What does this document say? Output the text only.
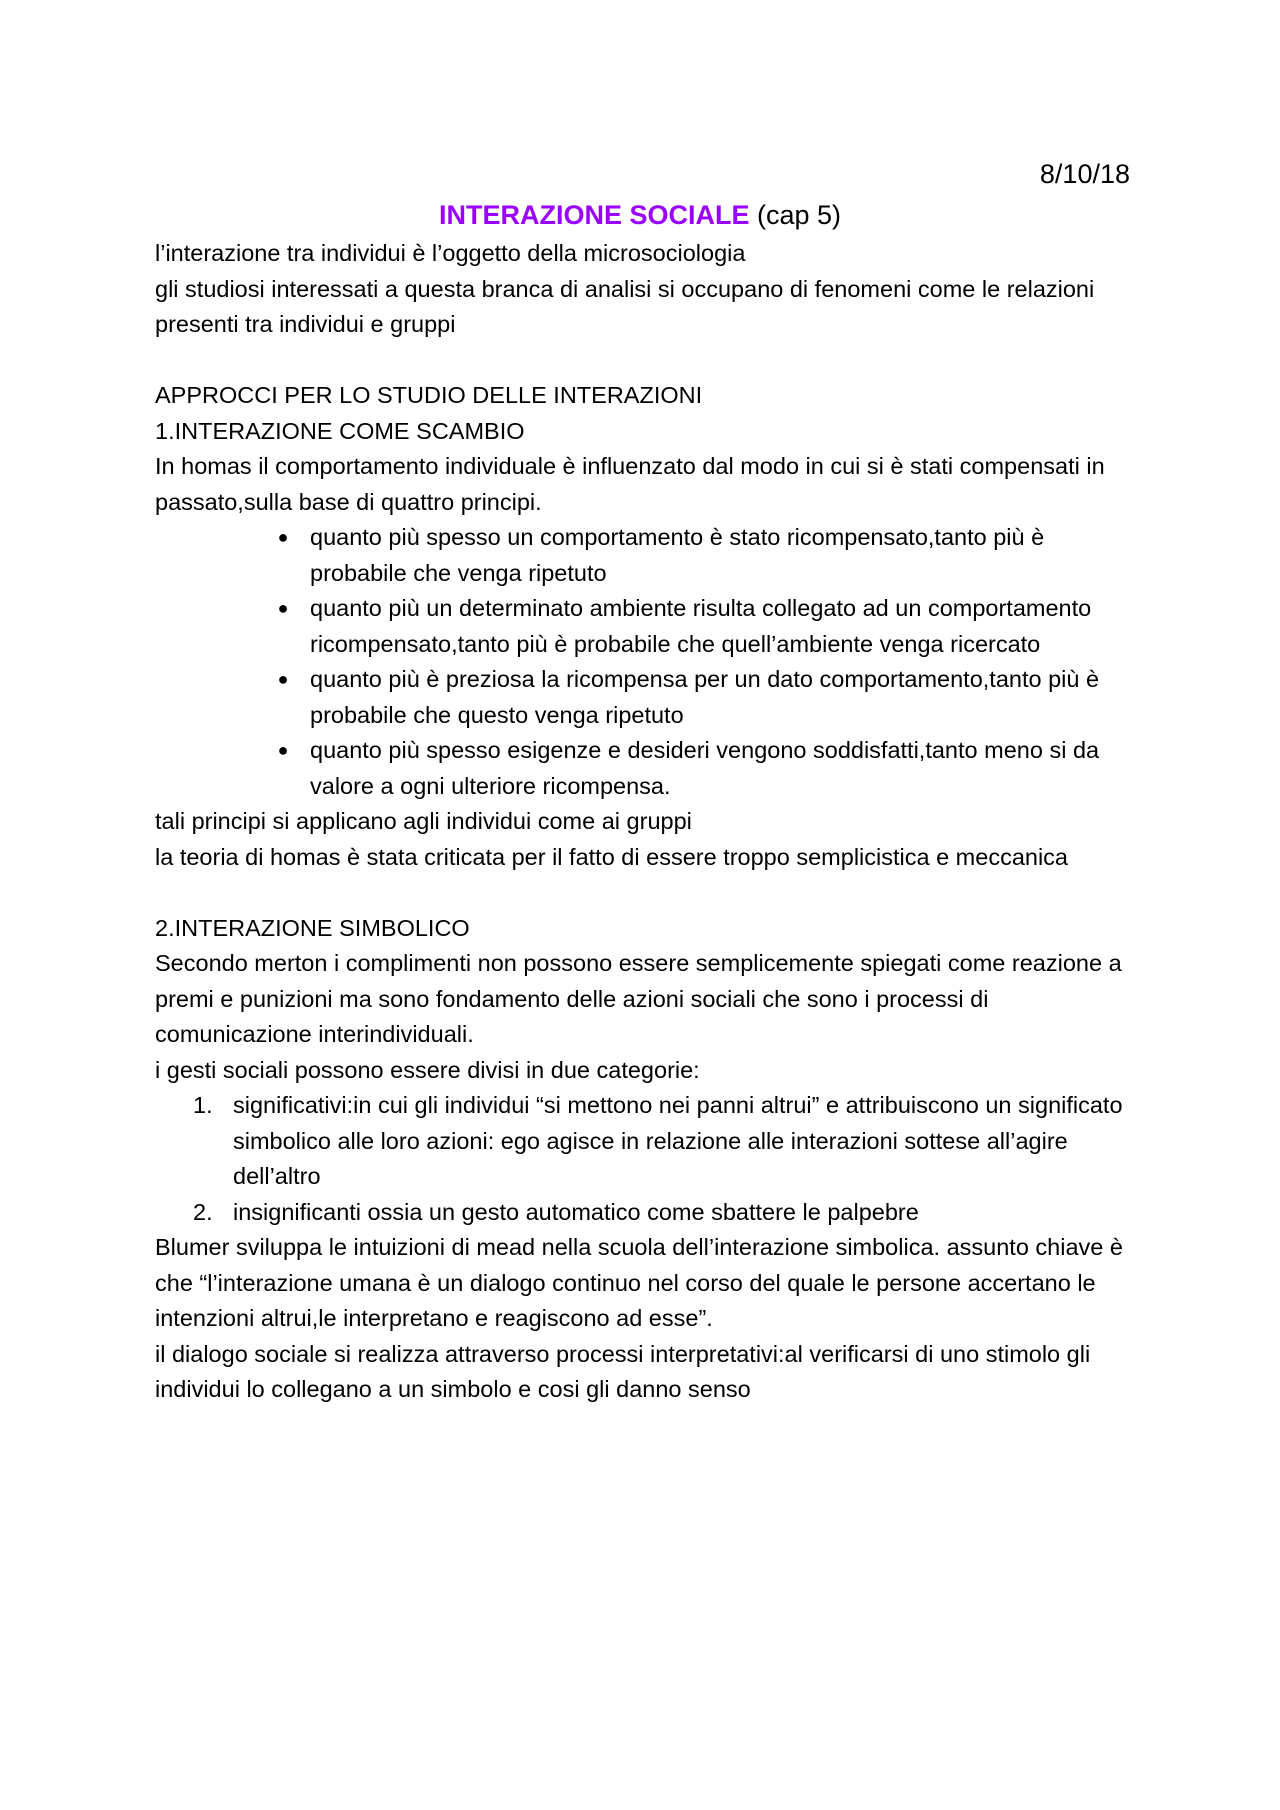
8/10/18

INTERAZIONE SOCIALE (cap 5)

l’interazione tra individui è l’oggetto della microsociologia

gli studiosi interessati a questa branca di analisi si occupano di fenomeni come le relazioni presenti tra individui e gruppi

APPROCCI PER LO STUDIO DELLE INTERAZIONI

1.INTERAZIONE COME SCAMBIO

In homas il comportamento individuale è influenzato dal modo in cui si è stati compensati in passato,sulla base di quattro principi.

● quanto più spesso un comportamento è stato ricompensato,tanto più è probabile che venga ripetuto
● quanto più un determinato ambiente risulta collegato ad un comportamento ricompensato,tanto più è probabile che quell’ambiente venga ricercato
● quanto più è preziosa la ricompensa per un dato comportamento,tanto più è probabile che questo venga ripetuto
● quanto più spesso esigenze e desideri vengono soddisfatti,tanto meno si da valore a ogni ulteriore ricompensa.

tali principi si applicano agli individui come ai gruppi

la teoria di homas è stata criticata per il fatto di essere troppo semplicistica e meccanica

2.INTERAZIONE SIMBOLICO

Secondo merton i complimenti non possono essere semplicemente spiegati come reazione a premi e punizioni ma sono fondamento delle azioni sociali che sono i processi di comunicazione interindividuali.

i gesti sociali possono essere divisi in due categorie:

1. significativi:in cui gli individui “si mettono nei panni altrui” e attribuiscono un significato simbolico alle loro azioni: ego agisce in relazione alle interazioni sottese all’agire dell’altro
2. insignificanti ossia un gesto automatico come sbattere le palpebre

Blumer sviluppa le intuizioni di mead nella scuola dell’interazione simbolica. assunto chiave è che “l’interazione umana è un dialogo continuo nel corso del quale le persone accertano le intenzioni altrui,le interpretano e reagiscono ad esse”.

il dialogo sociale si realizza attraverso processi interpretativi:al verificarsi di uno stimolo gli individui lo collegano a un simbolo e cosi gli danno senso
